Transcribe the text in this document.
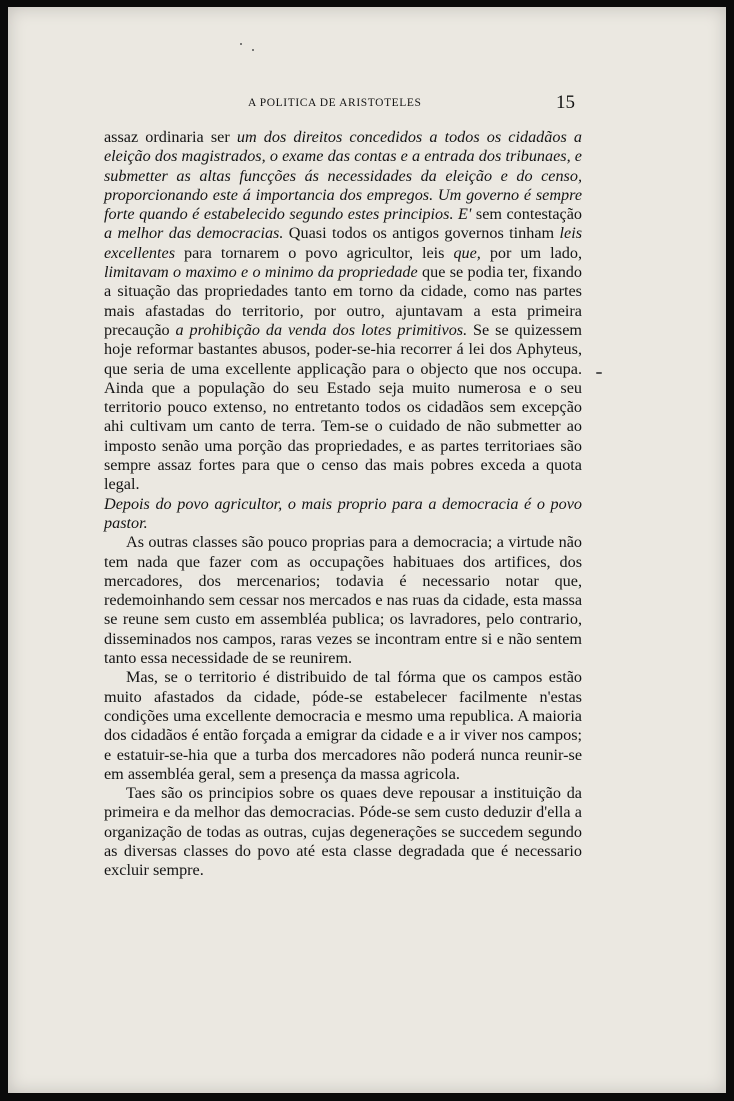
A POLITICA DE ARISTOTELES	15

assaz ordinaria ser um dos direitos concedidos a todos os cidadãos a eleição dos magistrados, o exame das contas e a entrada dos tribunaes, e submetter as altas funcções ás necessidades da eleição e do censo, proporcionando este á importancia dos empregos. Um governo é sempre forte quando é estabelecido segundo estes principios. E' sem contestação a melhor das democracias. Quasi todos os antigos governos tinham leis excellentes para tornarem o povo agricultor, leis que, por um lado, limitavam o maximo e o minimo da propriedade que se podia ter, fixando a situação das propriedades tanto em torno da cidade, como nas partes mais afastadas do territorio, por outro, ajuntavam a esta primeira precaução a prohibição da venda dos lotes primitivos. Se se quizessem hoje reformar bastantes abusos, poder-se-hia recorrer á lei dos Aphyteus, que seria de uma excellente applicação para o objecto que nos occupa. Ainda que a população do seu Estado seja muito numerosa e o seu territorio pouco extenso, no entretanto todos os cidadãos sem excepção ahi cultivam um canto de terra. Tem-se o cuidado de não submetter ao imposto senão uma porção das propriedades, e as partes territoriaes são sempre assaz fortes para que o censo das mais pobres exceda a quota legal.

Depois do povo agricultor, o mais proprio para a democracia é o povo pastor.

As outras classes são pouco proprias para a democracia; a virtude não tem nada que fazer com as occupações habituaes dos artifices, dos mercadores, dos mercenarios; todavia é necessario notar que, redemoinhando sem cessar nos mercados e nas ruas da cidade, esta massa se reune sem custo em assembléa publica; os lavradores, pelo contrario, disseminados nos campos, raras vezes se incontram entre si e não sentem tanto essa necessidade de se reunirem.

Mas, se o territorio é distribuido de tal fórma que os campos estão muito afastados da cidade, póde-se estabelecer facilmente n'estas condições uma excellente democracia e mesmo uma republica. A maioria dos cidadãos é então forçada a emigrar da cidade e a ir viver nos campos; e estatuir-se-hia que a turba dos mercadores não poderá nunca reunir-se em assembléa geral, sem a presença da massa agricola.

Taes são os principios sobre os quaes deve repousar a instituição da primeira e da melhor das democracias. Póde-se sem custo deduzir d'ella a organização de todas as outras, cujas degenerações se succedem segundo as diversas classes do povo até esta classe degradada que é necessario excluir sempre.
